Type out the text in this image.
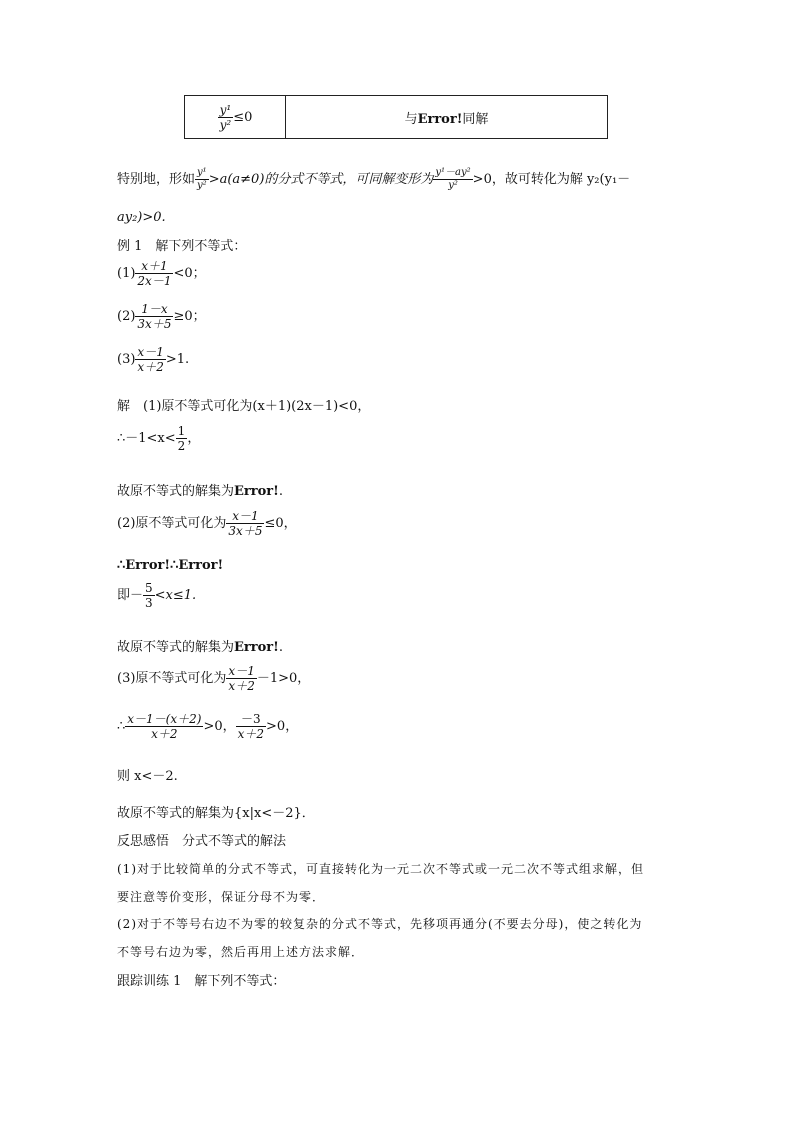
$\frac{\text{y¹}}{\text{y²}} \le 0$	与Error!同解
特别地，形如 $\frac{\text{y¹}}{\text{y²}} >a(a\ne 0)$的分式不等式，可同解变形为 $\frac{\text{y¹－ay²}}{\text{y²}} >0$，故可转化为解 y₂(y₁－
ay₂)>0.
例 1　解下列不等式：
$(1) \frac{x+1}{2x-1} <0$；
$(2) \frac{1-x}{3x+5} \ge 0$；
$(3) \frac{x-1}{x+2} >1$.
解　(1)原不等式可化为(x＋1)(2x－1)<0，
∴－1<x< $\frac{1}{2}$ ，
故原不等式的解集为Error!.
(2)原不等式可化为 $\frac{x-1}{3x+5} \le 0$，
∴Error!∴Error!
即－ $\frac{5}{3} <x\le 1$.
故原不等式的解集为Error!.
(3)原不等式可化为 $\frac{x-1}{x+2} -1>0$，
∴ $\frac{x-1-(x+2)}{x+2} >0$， $\frac{-3}{x+2} >0$，
则 x<－2.
故原不等式的解集为{x|x<－2}．
反思感悟　分式不等式的解法
(1)对于比较简单的分式不等式，可直接转化为一元二次不等式或一元二次不等式组求解，但
要注意等价变形，保证分母不为零．
(2)对于不等号右边不为零的较复杂的分式不等式，先移项再通分(不要去分母)，使之转化为
不等号右边为零，然后再用上述方法求解．
跟踪训练 1　解下列不等式：
